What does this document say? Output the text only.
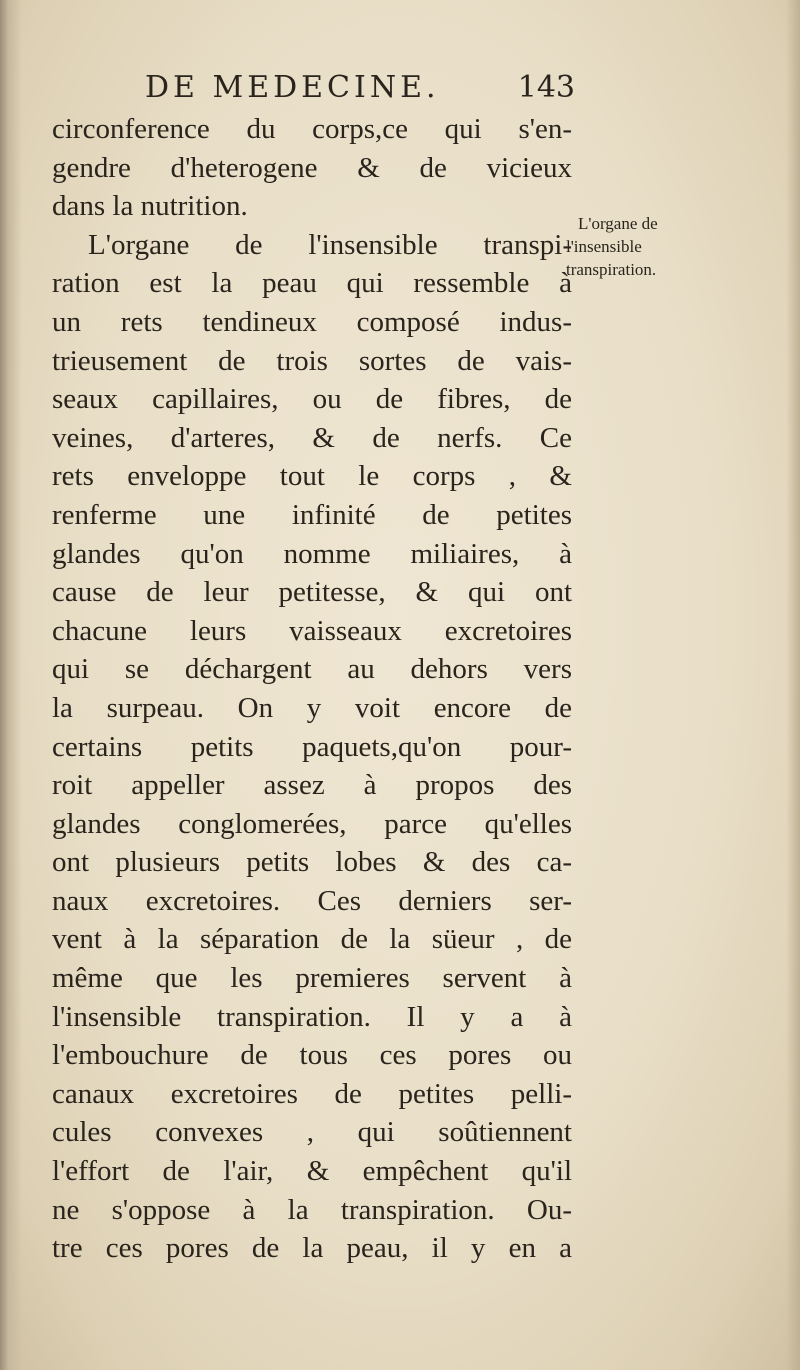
DE MEDECINE.	143
circonference du corps,ce qui s'en-
gendre d'heterogene & de vicieux
dans la nutrition.
L'organe de l'insensible transpi-
ration est la peau qui ressemble à
un rets tendineux composé indus-
trieusement de trois sortes de vais-
seaux capillaires, ou de fibres, de
veines, d'arteres, & de nerfs. Ce
rets enveloppe tout le corps , &
renferme une infinité de petites
glandes qu'on nomme miliaires, à
cause de leur petitesse, & qui ont
chacune leurs vaisseaux excretoires
qui se déchargent au dehors vers
la surpeau. On y voit encore de
certains petits paquets,qu'on pour-
roit appeller assez à propos des
glandes conglomerées, parce qu'elles
ont plusieurs petits lobes & des ca-
naux excretoires. Ces derniers ser-
vent à la séparation de la süeur , de
même que les premieres servent à
l'insensible transpiration. Il y a à
l'embouchure de tous ces pores ou
canaux excretoires de petites pelli-
cules convexes , qui soûtiennent
l'effort de l'air, & empêchent qu'il
ne s'oppose à la transpiration. Ou-
tre ces pores de la peau, il y en a
L'organe de
l'insensible
transpiration.
